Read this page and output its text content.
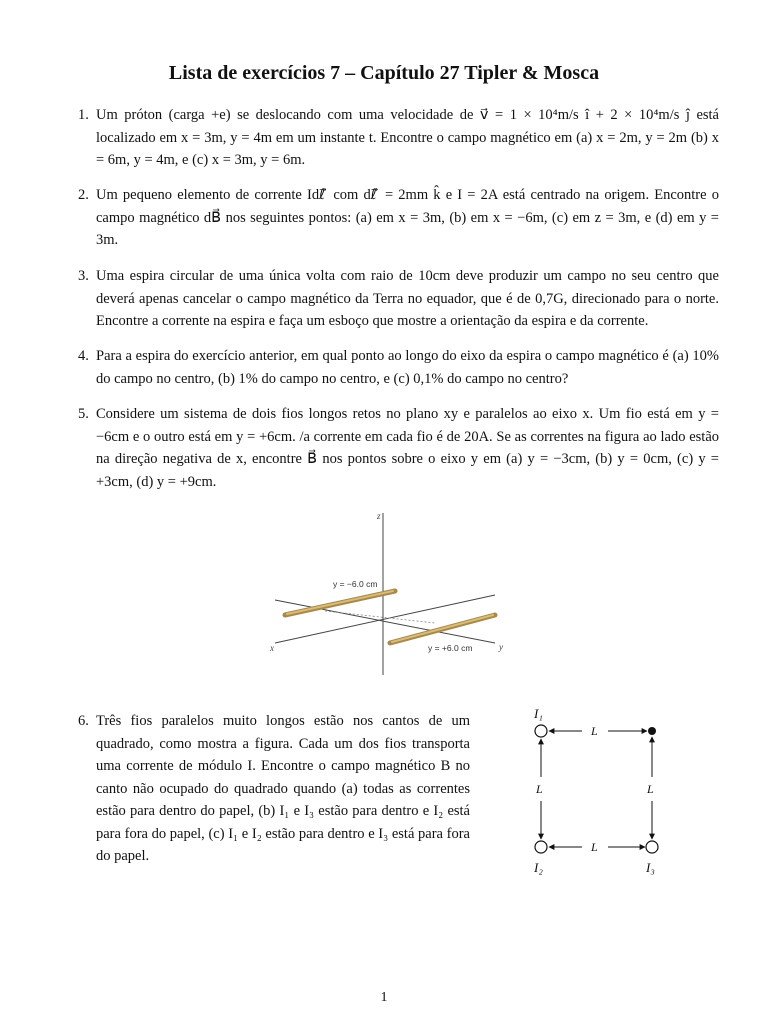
Lista de exercícios 7 – Capítulo 27 Tipler & Mosca
1. Um próton (carga +e) se deslocando com uma velocidade de v⃗ = 1 × 10⁴m/s î + 2 × 10⁴m/s ĵ está localizado em x = 3m, y = 4m em um instante t. Encontre o campo magnético em (a) x = 2m, y = 2m (b) x = 6m, y = 4m, e (c) x = 3m, y = 6m.
2. Um pequeno elemento de corrente Idℓ⃗ com dℓ⃗ = 2mm k̂ e I = 2A está centrado na origem. Encontre o campo magnético dB⃗ nos seguintes pontos: (a) em x = 3m, (b) em x = −6m, (c) em z = 3m, e (d) em y = 3m.
3. Uma espira circular de uma única volta com raio de 10cm deve produzir um campo no seu centro que deverá apenas cancelar o campo magnético da Terra no equador, que é de 0,7G, direcionado para o norte. Encontre a corrente na espira e faça um esboço que mostre a orientação da espira e da corrente.
4. Para a espira do exercício anterior, em qual ponto ao longo do eixo da espira o campo magnético é (a) 10% do campo no centro, (b) 1% do campo no centro, e (c) 0,1% do campo no centro?
5. Considere um sistema de dois fios longos retos no plano xy e paralelos ao eixo x. Um fio está em y = −6cm e o outro está em y = +6cm. /a corrente em cada fio é de 20A. Se as correntes na figura ao lado estão na direção negativa de x, encontre B⃗ nos pontos sobre o eixo y em (a) y = −3cm, (b) y = 0cm, (c) y = +3cm, (d) y = +9cm.
z
x	y
y = −6.0 cm
y = +6.0 cm
6. Três fios paralelos muito longos estão nos cantos de um quadrado, como mostra a figura. Cada um dos fios transporta uma corrente de módulo I. Encontre o campo magnético B no canto não ocupado do quadrado quando (a) todas as correntes estão para dentro do papel, (b) I₁ e I₃ estão para dentro e I₂ está para fora do papel, (c) I₁ e I₂ estão para dentro e I₃ está para fora do papel.
I₁
I₂	I₃
L
L
L	L
1
